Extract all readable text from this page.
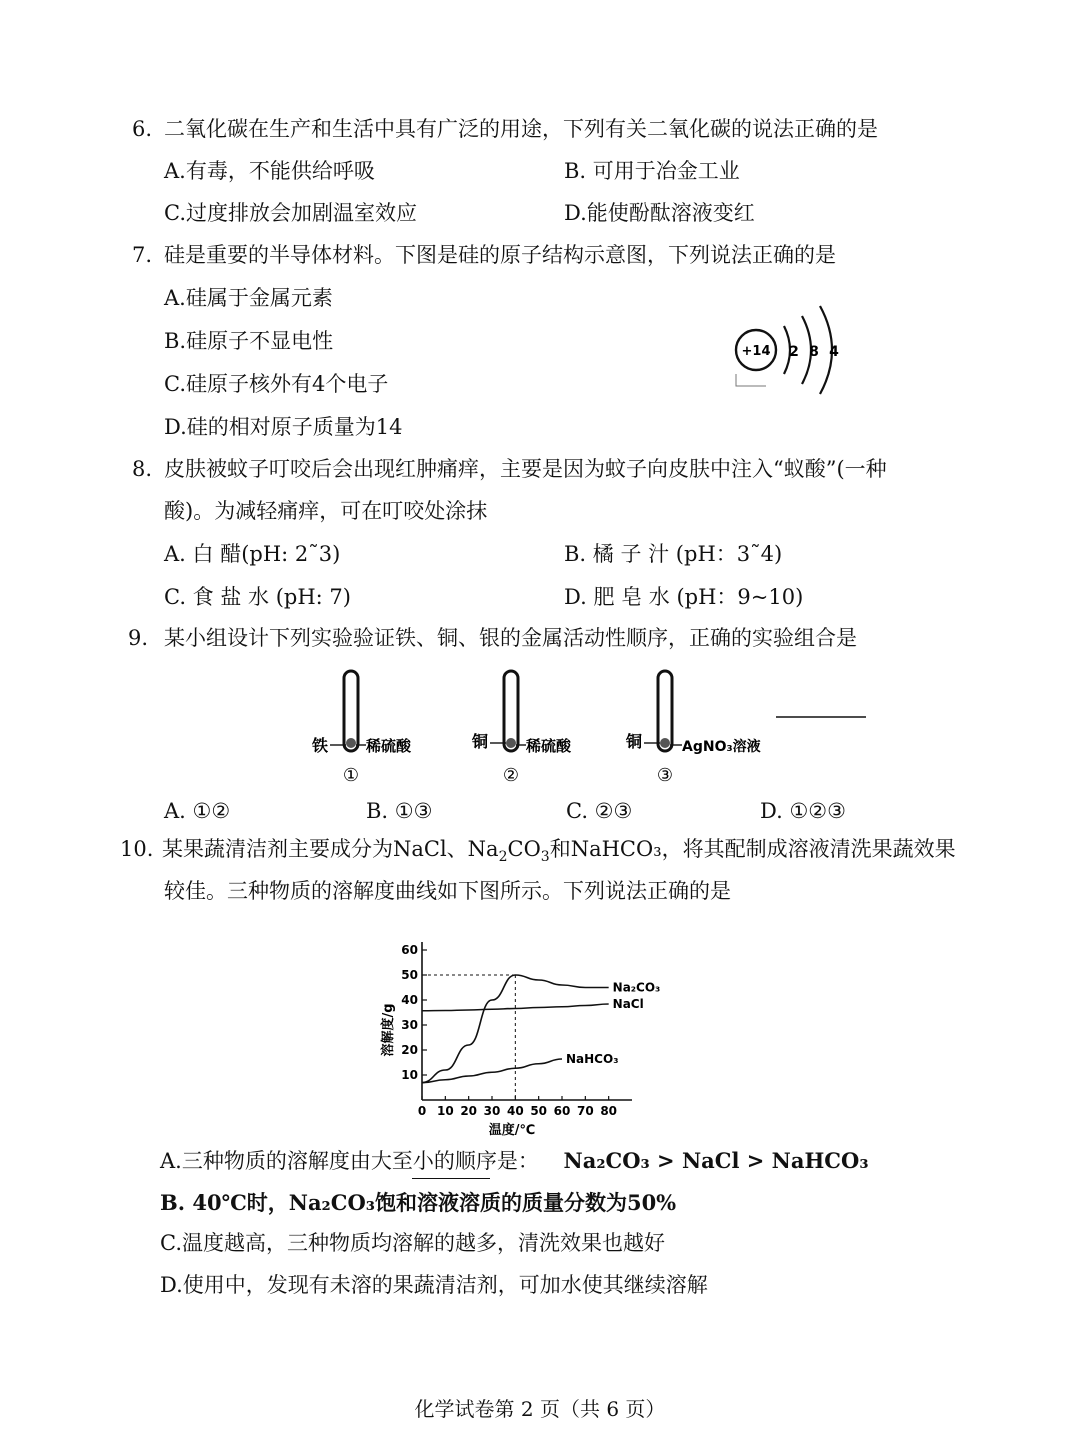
6. 二氧化碳在生产和生活中具有广泛的用途，下列有关二氧化碳的说法正确的是
A.有毒，不能供给呼吸	B. 可用于冶金工业
C.过度排放会加剧温室效应	D.能使酚酞溶液变红
7. 硅是重要的半导体材料。下图是硅的原子结构示意图，下列说法正确的是
A.硅属于金属元素
B.硅原子不显电性
C.硅原子核外有4个电子
D.硅的相对原子质量为14
+14 2 8 4
8. 皮肤被蚊子叮咬后会出现红肿痛痒，主要是因为蚊子向皮肤中注入“蚁酸”(一种
酸)。为减轻痛痒，可在叮咬处涂抹
A. 白 醋(pH: 2˜3)	B. 橘 子 汁 (pH：3˜4)
C. 食 盐 水 (pH: 7)	D. 肥 皂 水 (pH：9~10)
9. 某小组设计下列实验验证铁、铜、银的金属活动性顺序，正确的实验组合是
铁	稀硫酸
①
铜	稀硫酸
②
铜	AgNO₃溶液
③
A. ①②	B. ①③	C. ②③	D. ①②③
10. 某果蔬清洁剂主要成分为NaCl、$Na_2CO_3$和NaHCO₃，将其配制成溶液清洗果蔬效果
较佳。三种物质的溶解度曲线如下图所示。下列说法正确的是
10
20
30
40
50
60
0 10 20 30 40 50 60 70 80
温度/℃
溶解度/g
Na₂CO₃
NaCl
NaHCO₃
A.三种物质的溶解度由大至小的顺序是： Na₂CO₃ > NaCl > NaHCO₃
B. 40℃时，Na₂CO₃饱和溶液溶质的质量分数为50%
C.温度越高，三种物质均溶解的越多，清洗效果也越好
D.使用中，发现有未溶的果蔬清洁剂，可加水使其继续溶解
化学试卷第 2 页（共 6 页）
